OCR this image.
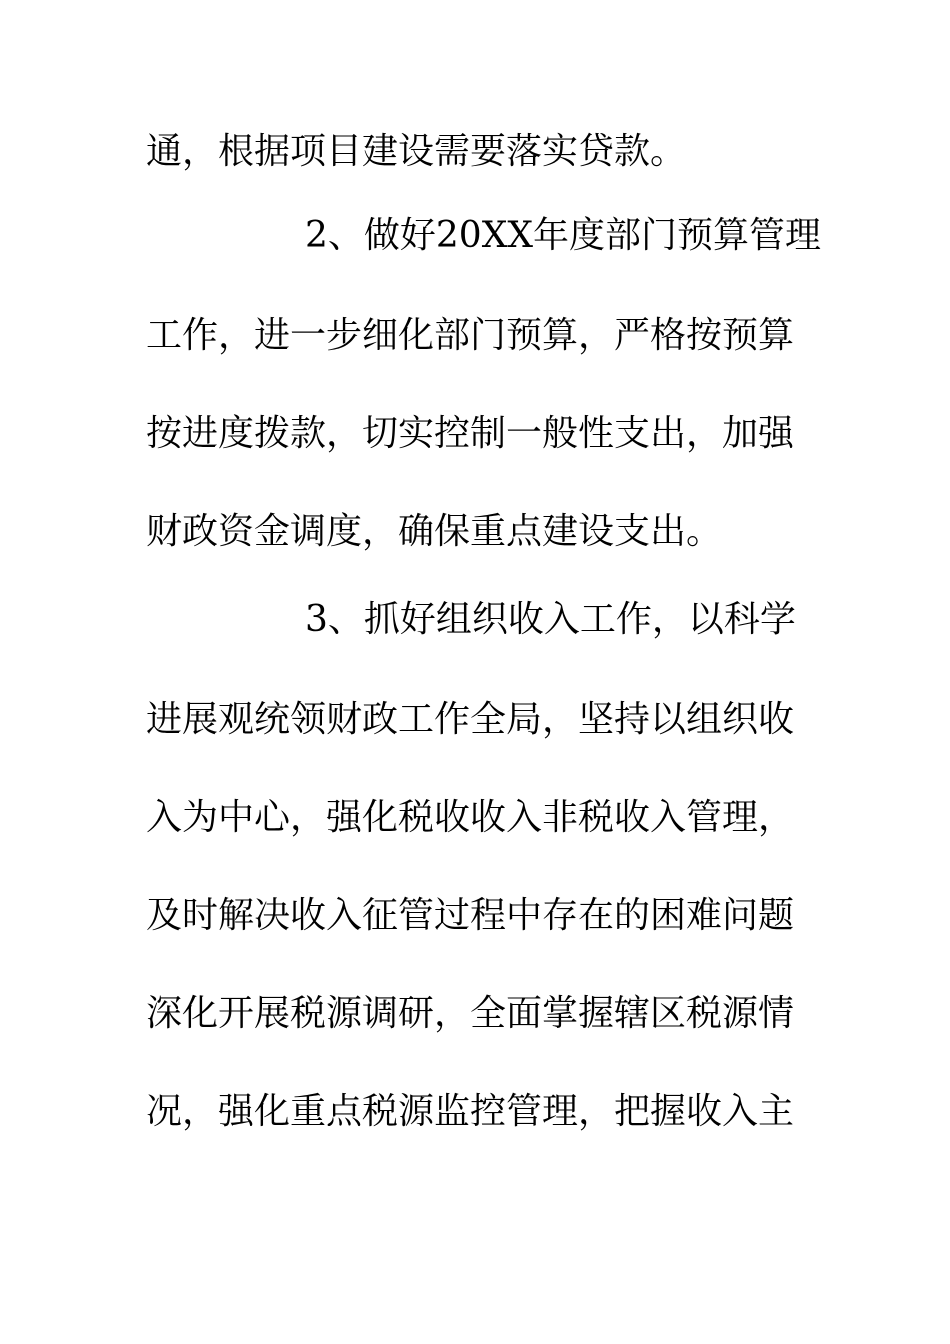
通，根据项目建设需要落实贷款。
2、做好20XX年度部门预算管理
工作，进一步细化部门预算，严格按预算
按进度拨款，切实控制一般性支出，加强
财政资金调度，确保重点建设支出。
3、抓好组织收入工作，以科学
进展观统领财政工作全局，坚持以组织收
入为中心，强化税收收入非税收入管理，
及时解决收入征管过程中存在的困难问题
深化开展税源调研，全面掌握辖区税源情
况，强化重点税源监控管理，把握收入主
